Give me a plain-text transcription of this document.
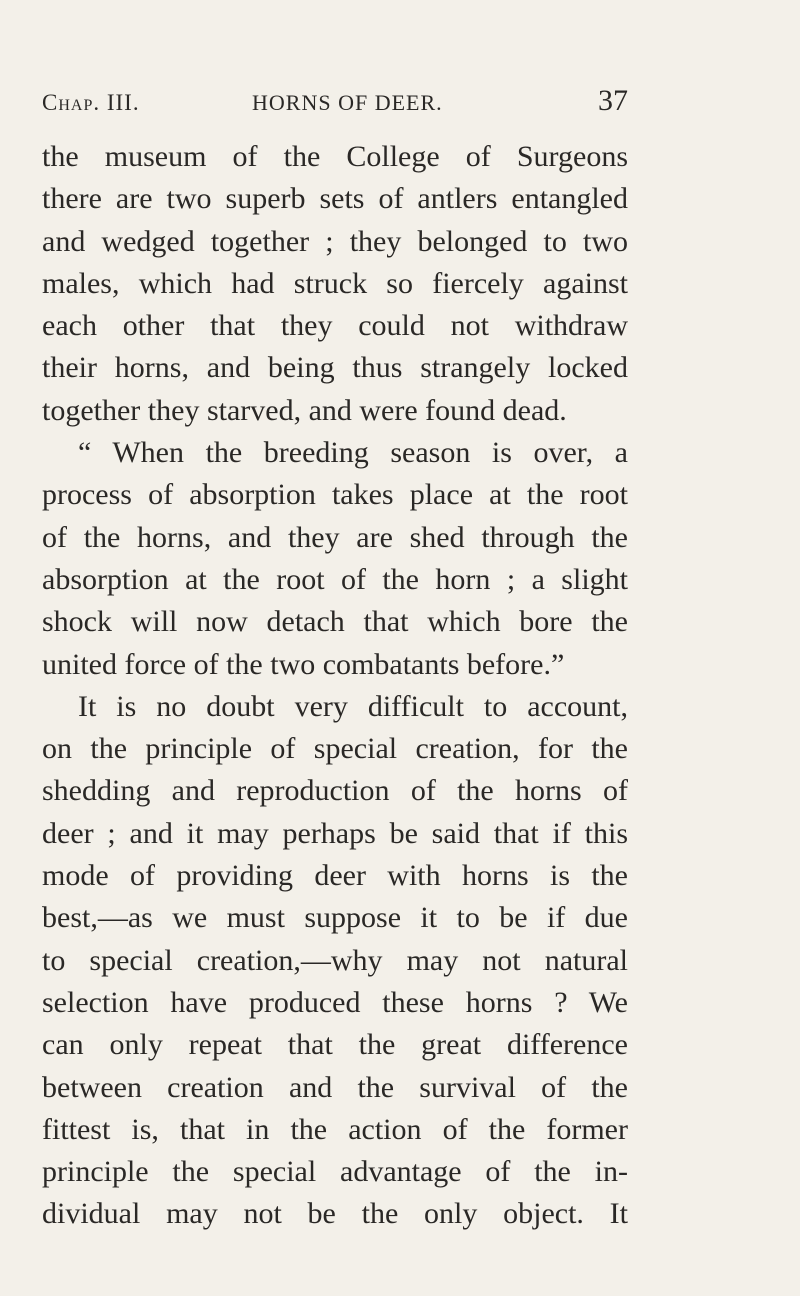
Chap. III.	HORNS OF DEER.	37
the museum of the College of Surgeons
there are two superb sets of antlers entangled
and wedged together ; they belonged to two
males, which had struck so fiercely against
each other that they could not withdraw
their horns, and being thus strangely locked
together they starved, and were found dead.
“ When the breeding season is over, a
process of absorption takes place at the root
of the horns, and they are shed through the
absorption at the root of the horn ; a slight
shock will now detach that which bore the
united force of the two combatants before.”
It is no doubt very difficult to account,
on the principle of special creation, for the
shedding and reproduction of the horns of
deer ; and it may perhaps be said that if this
mode of providing deer with horns is the
best,—as we must suppose it to be if due
to special creation,—why may not natural
selection have produced these horns ? We
can only repeat that the great difference
between creation and the survival of the
fittest is, that in the action of the former
principle the special advantage of the in-
dividual may not be the only object. It
